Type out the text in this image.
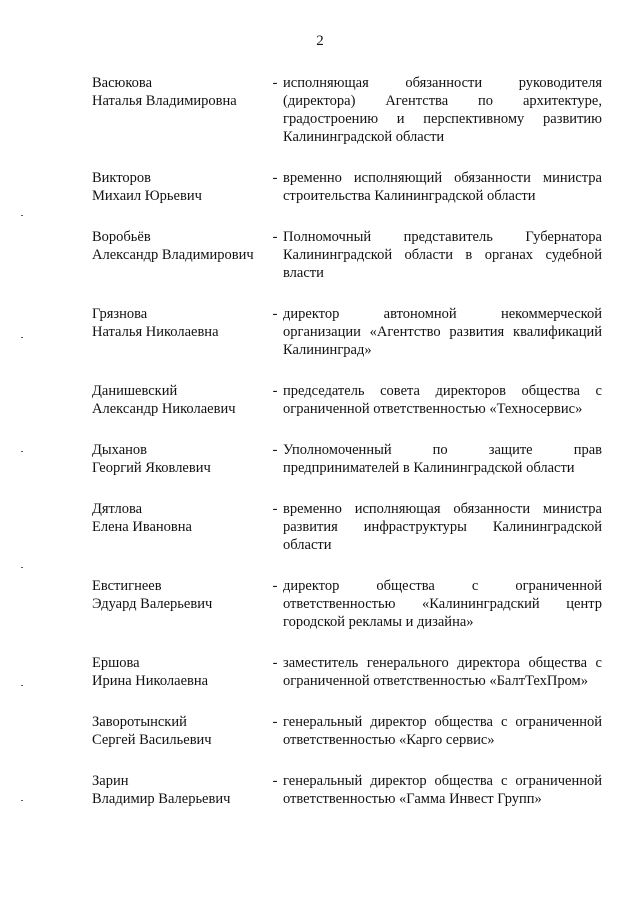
2
Васюкова
Наталья Владимировна
- исполняющая обязанности руководителя (директора) Агентства по архитектуре, градостроению и перспективному развитию Калининградской области
Викторов
Михаил Юрьевич
- временно исполняющий обязанности министра строительства Калининградской области
Воробьёв
Александр Владимирович
- Полномочный представитель Губернатора Калининградской области в органах судебной власти
Грязнова
Наталья Николаевна
- директор автономной некоммерческой организации «Агентство развития квалификаций Калининград»
Данишевский
Александр Николаевич
- председатель совета директоров общества с ограниченной ответственностью «Техносервис»
Дыханов
Георгий Яковлевич
- Уполномоченный по защите прав предпринимателей в Калининградской области
Дятлова
Елена Ивановна
- временно исполняющая обязанности министра развития инфраструктуры Калининградской области
Евстигнеев
Эдуард Валерьевич
- директор общества с ограниченной ответственностью «Калининградский центр городской рекламы и дизайна»
Ершова
Ирина Николаевна
- заместитель генерального директора общества с ограниченной ответственностью «БалтТехПром»
Заворотынский
Сергей Васильевич
- генеральный директор общества с ограниченной ответственностью «Карго сервис»
Зарин
Владимир Валерьевич
- генеральный директор общества с ограниченной ответственностью «Гамма Инвест Групп»
